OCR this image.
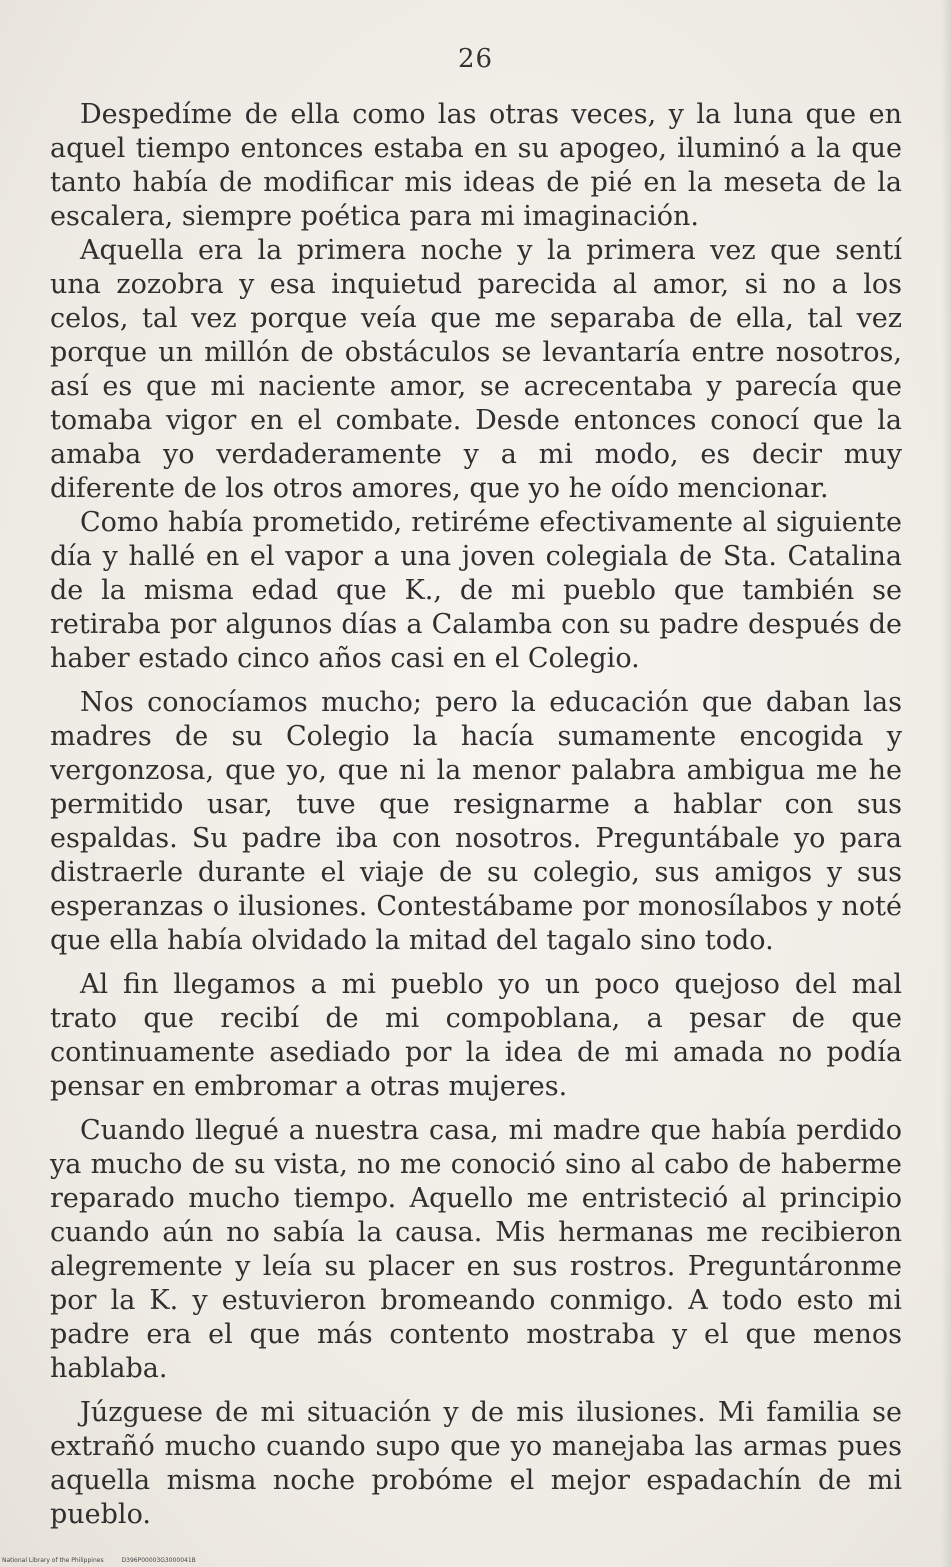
26

Despedíme de ella como las otras veces, y la luna que en aquel tiempo entonces estaba en su apogeo, iluminó a la que tanto había de modificar mis ideas de pié en la meseta de la escalera, siempre poética para mi imaginación.

Aquella era la primera noche y la primera vez que sentí una zozobra y esa inquietud parecida al amor, si no a los celos, tal vez porque veía que me separaba de ella, tal vez porque un millón de obstáculos se levantaría entre nosotros, así es que mi naciente amor, se acrecentaba y parecía que tomaba vigor en el combate. Desde entonces conocí que la amaba yo verdaderamente y a mi modo, es decir muy diferente de los otros amores, que yo he oído mencionar.

Como había prometido, retiréme efectivamente al siguiente día y hallé en el vapor a una joven colegiala de Sta. Catalina de la misma edad que K., de mi pueblo que también se retiraba por algunos días a Calamba con su padre después de haber estado cinco años casi en el Colegio.

Nos conocíamos mucho; pero la educación que daban las madres de su Colegio la hacía sumamente encogida y vergonzosa, que yo, que ni la menor palabra ambigua me he permitido usar, tuve que resignarme a hablar con sus espaldas. Su padre iba con nosotros. Preguntábale yo para distraerle durante el viaje de su colegio, sus amigos y sus esperanzas o ilusiones. Contestábame por monosílabos y noté que ella había olvidado la mitad del tagalo sino todo.

Al fin llegamos a mi pueblo yo un poco quejoso del mal trato que recibí de mi compoblana, a pesar de que continuamente asediado por la idea de mi amada no podía pensar en embromar a otras mujeres.

Cuando llegué a nuestra casa, mi madre que había perdido ya mucho de su vista, no me conoció sino al cabo de haberme reparado mucho tiempo. Aquello me entristeció al principio cuando aún no sabía la causa. Mis hermanas me recibieron alegremente y leía su placer en sus rostros. Preguntáronme por la K. y estuvieron bromeando conmigo. A todo esto mi padre era el que más contento mostraba y el que menos hablaba.

Júzguese de mi situación y de mis ilusiones. Mi familia se extrañó mucho cuando supo que yo manejaba las armas pues aquella misma noche probóme el mejor espadachín de mi pueblo.

National Library of the Philippines	D396P00003G3000041B
